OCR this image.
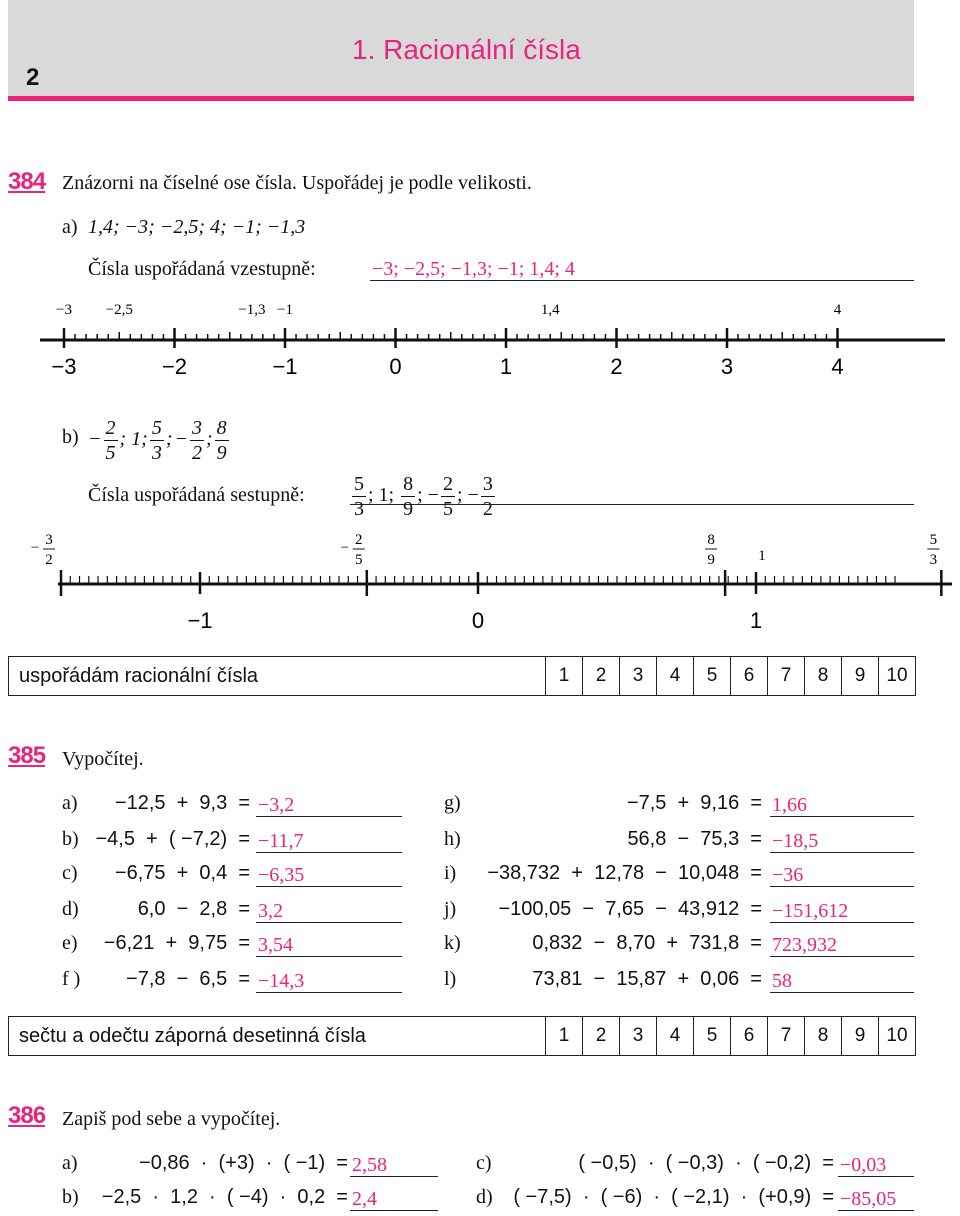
2
1. Racionální čísla
384 Znázorni na číselné ose čísla. Uspořádej je podle velikosti.
a) 1,4; −3; −2,5; 4; −1; −1,3
Čísla uspořádaná vzestupně:	−3; −2,5; −1,3; −1; 1,4; 4
−3	−2	−1	0	1	2	3	4
−3 −2,5	−1,3 −1	1,4	4
$b) - \frac{2}{5}$ ; 1; $\frac{5}{3}$ ; − $\frac{3}{2}$ ; $\frac{8}{9}$
Čísla uspořádaná sestupně: $\frac{5}{3}$ ; 1; $\frac{8}{9}$ ; − $\frac{2}{5}$ ; − $\frac{3}{2}$
−1	0	1
− 3
2
− 2
5
8
9	1
5
3
uspořádám racionální čísla	1	2	3	4	5	6	7	8	9	10
385 Vypočítej.
a) −12,5  +  9,3  = −3,2
b) −4,5  +  ( −7,2)  = −11,7
c) −6,75  +  0,4  = −6,35
d)	6,0  −  2,8  = 3,2
e) −6,21  +  9,75  = 3,54
f ) −7,8  −  6,5  = −14,3
g)	−7,5  +  9,16  = 1,66
h)	56,8  −  75,3  = −18,5
i) −38,732  +  12,78  −  10,048  = −36
j) −100,05  −  7,65  −  43,912  = −151,612
k)	0,832  −  8,70  +  731,8  = 723,932
l)	73,81  −  15,87  +  0,06  = 58
sečtu a odečtu záporná desetinná čísla	1	2	3	4	5	6	7	8	9	10
386 Zapiš pod sebe a vypočítej.
a)	−0,86  ·  (+3)  ·  ( −1)  = 2,58
b) −2,5  ·  1,2  ·  ( −4)  ·  0,2  = 2,4
c)	( −0,5)  ·  ( −0,3)  ·  ( −0,2)  = −0,03
d) ( −7,5)  ·  ( −6)  ·  ( −2,1)  ·  (+0,9)  = −85,05
